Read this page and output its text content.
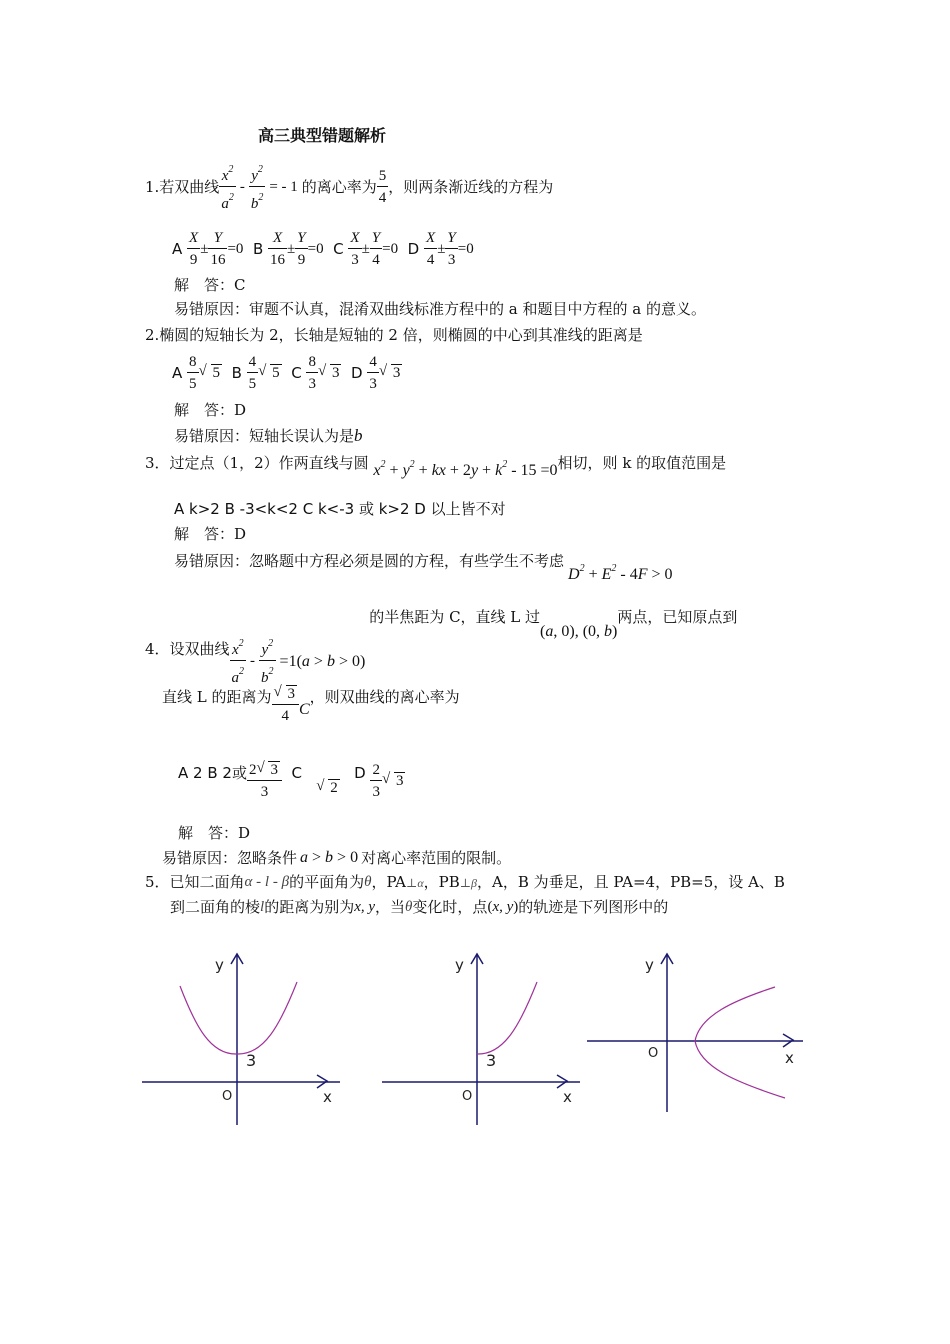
高三典型错题解析
1.若双曲线 $\frac{x^2}{a^2} - \frac{y^2}{b^2}$ = - 1 的离心率为 $\frac{5}{4}$ ，则两条渐近线的方程为
A
$\frac{X}{9} \pm \frac{Y}{16} =0$
B
$\frac{X}{16} \pm \frac{Y}{9} =0$
C
$\frac{X}{3} \pm \frac{Y}{4} =0$
D
$\frac{X}{4} \pm \frac{Y}{3} =0$
解　答：C
易错原因：审题不认真，混淆双曲线标准方程中的 a 和题目中方程的 a 的意义。
2.椭圆的短轴长为 2，长轴是短轴的 2 倍，则椭圆的中心到其准线的距离是
A
$\frac{8}{5}$ √ 5
B
$\frac{4}{5}$ √ 5
C
$\frac{8}{3}$ √ 3
D
$\frac{4}{3}$ √ 3
解　答：D
易错原因：短轴长误认为是b
3．过定点（1，2）作两直线与圆
$x^2 + y^2$ + kx + $2y + k^2 - 15 =0$ 相切，则 k 的取值范围是
A k>2 B -3<k<2 C k<-3 或 k>2 D 以上皆不对
解　答：D
易错原因：忽略题中方程必须是圆的方程，有些学生不考虑
$D^2 + E^2 - 4F > 0$
4．设双曲线 $\frac{x^2}{a^2} - \frac{y^2}{b^2} =1(a > b > 0)$
的半焦距为 C，直线 L 过
(a, 0), (0, b)
两点，已知原点到
直线 L 的距离为 √ $\frac{3}{4}$ C
，则双曲线的离心率为
A 2 B 2或 $\frac{2 √ 3}{3}$
C

√ 2

D
$\frac{2}{3}$ √ 3
解　答：D
易错原因：忽略条件 a > b > 0 对离心率范围的限制。
5．已知二面角 α - l - β 的平面角为 θ ，PA ⊥α ，PB ⊥β ，A，B 为垂足，且 PA=4，PB=5，设 A、B
到二面角的棱 l 的距离为别为 x, y ，当 θ 变化时，点 (x, y) 的轨迹是下列图形中的
y
x
O
3
y
x
O
3
y
x
O
